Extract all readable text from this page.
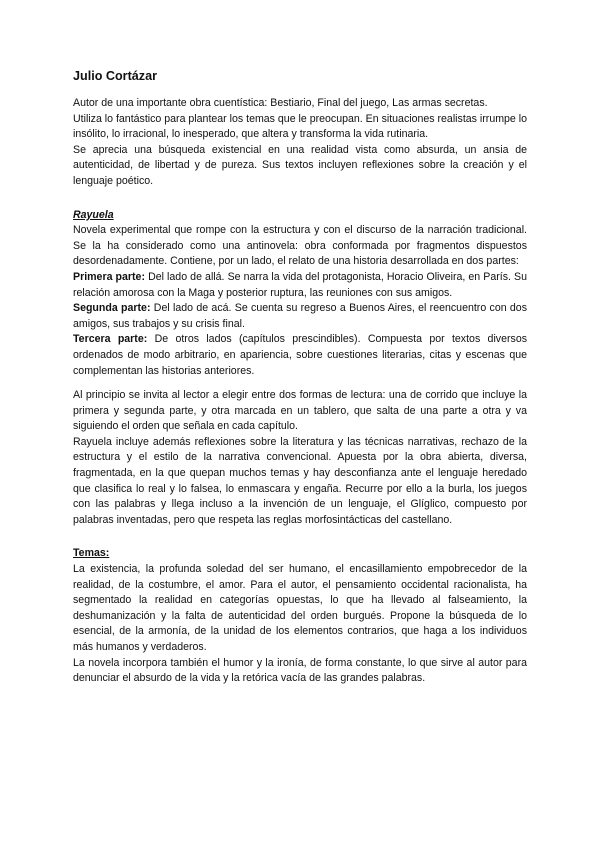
Julio Cortázar

Autor de una importante obra cuentística: Bestiario, Final del juego, Las armas secretas.

Utiliza lo fantástico para plantear los temas que le preocupan. En situaciones realistas irrumpe lo insólito, lo irracional, lo inesperado, que altera y transforma la vida rutinaria.

Se aprecia una búsqueda existencial en una realidad vista como absurda, un ansia de autenticidad, de libertad y de pureza. Sus textos incluyen reflexiones sobre la creación y el lenguaje poético.

Rayuela

Novela experimental que rompe con la estructura y con el discurso de la narración tradicional. Se la ha considerado como una antinovela: obra conformada por fragmentos dispuestos desordenadamente. Contiene, por un lado, el relato de una historia desarrollada en dos partes:

Primera parte: Del lado de allá. Se narra la vida del protagonista, Horacio Oliveira, en París. Su relación amorosa con la Maga y posterior ruptura, las reuniones con sus amigos.

Segunda parte: Del lado de acá. Se cuenta su regreso a Buenos Aires, el reencuentro con dos amigos, sus trabajos y su crisis final.

Tercera parte: De otros lados (capítulos prescindibles). Compuesta por textos diversos ordenados de modo arbitrario, en apariencia, sobre cuestiones literarias, citas y escenas que complementan las historias anteriores.

Al principio se invita al lector a elegir entre dos formas de lectura: una de corrido que incluye la primera y segunda parte, y otra marcada en un tablero, que salta de una parte a otra y va siguiendo el orden que señala en cada capítulo.

Rayuela incluye además reflexiones sobre la literatura y las técnicas narrativas, rechazo de la estructura y el estilo de la narrativa convencional. Apuesta por la obra abierta, diversa, fragmentada, en la que quepan muchos temas y hay desconfianza ante el lenguaje heredado que clasifica lo real y lo falsea, lo enmascara y engaña. Recurre por ello a la burla, los juegos con las palabras y llega incluso a la invención de un lenguaje, el Glíglico, compuesto por palabras inventadas, pero que respeta las reglas morfosintácticas del castellano.

Temas:

La existencia, la profunda soledad del ser humano, el encasillamiento empobrecedor de la realidad, de la costumbre, el amor. Para el autor, el pensamiento occidental racionalista, ha segmentado la realidad en categorías opuestas, lo que ha llevado al falseamiento, la deshumanización y la falta de autenticidad del orden burgués. Propone la búsqueda de lo esencial, de la armonía, de la unidad de los elementos contrarios, que haga a los individuos más humanos y verdaderos.

La novela incorpora también el humor y la ironía, de forma constante, lo que sirve al autor para denunciar el absurdo de la vida y la retórica vacía de las grandes palabras.
